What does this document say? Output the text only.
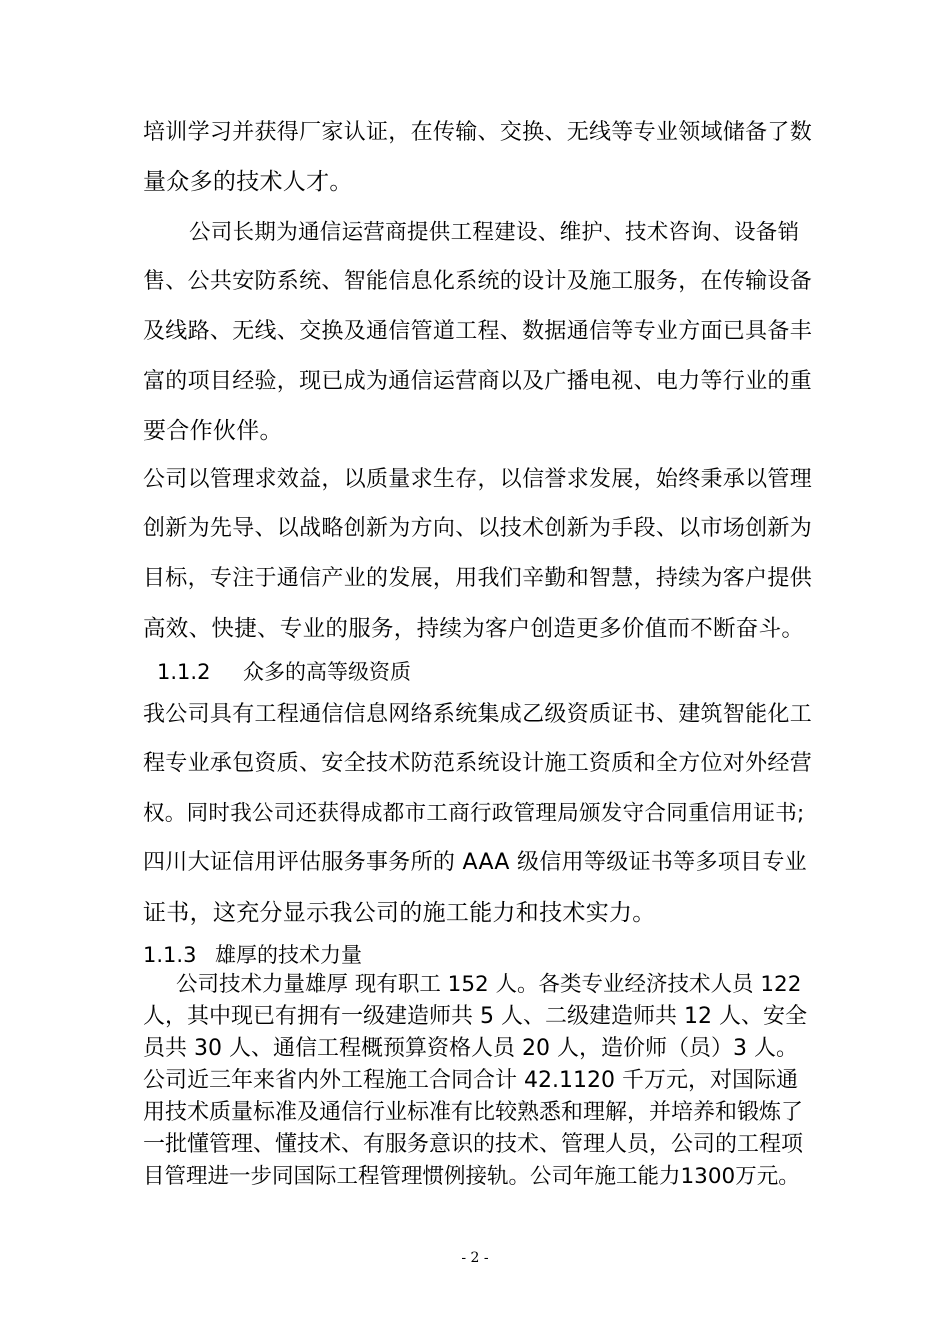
培训学习并获得厂家认证，在传输、交换、无线等专业领域储备了数
量众多的技术人才。
公司长期为通信运营商提供工程建设、维护、技术咨询、设备销
售、公共安防系统、智能信息化系统的设计及施工服务，在传输设备
及线路、无线、交换及通信管道工程、数据通信等专业方面已具备丰
富的项目经验，现已成为通信运营商以及广播电视、电力等行业的重
要合作伙伴。
公司以管理求效益，以质量求生存，以信誉求发展，始终秉承以管理
创新为先导、以战略创新为方向、以技术创新为手段、以市场创新为
目标，专注于通信产业的发展，用我们辛勤和智慧，持续为客户提供
高效、快捷、专业的服务，持续为客户创造更多价值而不断奋斗。
1.1.2 众多的高等级资质
我公司具有工程通信信息网络系统集成乙级资质证书、建筑智能化工
程专业承包资质、安全技术防范系统设计施工资质和全方位对外经营
权。同时我公司还获得成都市工商行政管理局颁发守合同重信用证书;
四川大证信用评估服务事务所的 AAA 级信用等级证书等多项目专业
证书，这充分显示我公司的施工能力和技术实力。
1.1.3 雄厚的技术力量
公司技术力量雄厚 现有职工 152 人。各类专业经济技术人员 122
人，其中现已有拥有一级建造师共 5 人、二级建造师共 12 人、安全
员共 30 人、通信工程概预算资格人员 20 人，造价师（员）3 人。
公司近三年来省内外工程施工合同合计 42.1120 千万元，对国际通
用技术质量标准及通信行业标准有比较熟悉和理解，并培养和锻炼了
一批懂管理、懂技术、有服务意识的技术、管理人员，公司的工程项
目管理进一步同国际工程管理惯例接轨。公司年施工能力1300万元。
- 2 -
